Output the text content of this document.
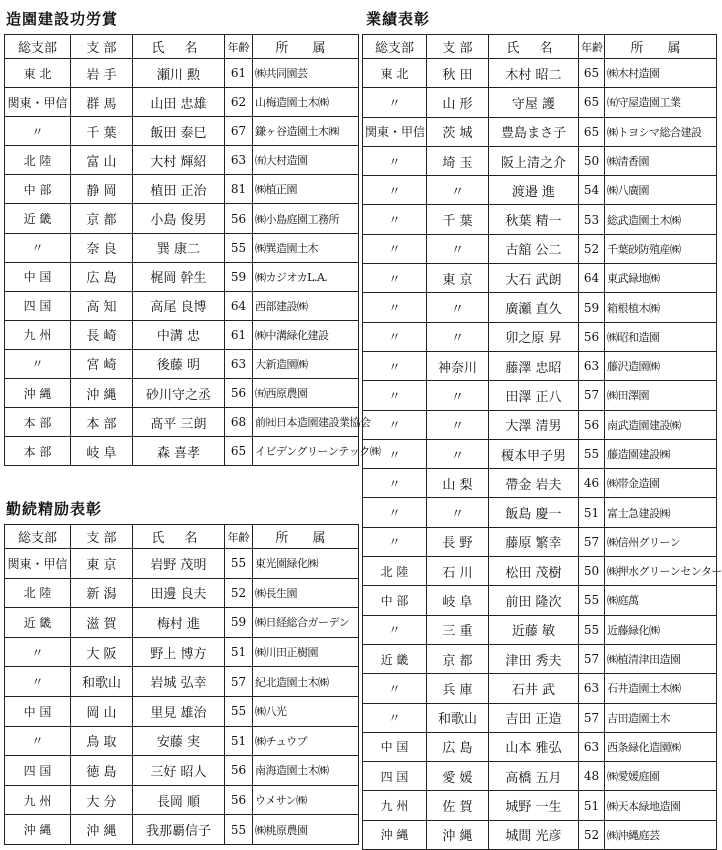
造園建設功労賞
総支部	支 部	氏 名	年齢	所 属
東 北	岩 手	瀬川 勲	61	㈱共同園芸
関東・甲信	群 馬	山田 忠雄	62	山梅造園土木㈱
〃	千 葉	飯田 泰巳	67	鎌ヶ谷造園土木㈱
北 陸	富 山	大村 輝紹	63	㈲大村造園
中 部	静 岡	植田 正治	81	㈱植正園
近 畿	京 都	小島 俊男	56	㈱小島庭園工務所
〃	奈 良	巽 康二	55	㈱巽造園土木
中 国	広 島	梶岡 幹生	59	㈱カジオカL.A.
四 国	高 知	高尾 良博	64	西部建設㈱
九 州	長 崎	中溝 忠	61	㈱中溝緑化建設
〃	宮 崎	後藤 明	63	大新造園㈱
沖 縄	沖 縄	砂川守之丞	56	㈲西原農園
本 部	本 部	髙平 三朗	68	前㈳日本造園建設業協会
本 部	岐 阜	森 喜孝	65	イビデングリーンテック㈱
勤続精励表彰
総支部	支 部	氏 名	年齢	所 属
関東・甲信	東 京	岩野 茂明	55	東光園緑化㈱
北 陸	新 潟	田邊 良夫	52	㈱長生園
近 畿	滋 賀	梅村 進	59	㈱日経総合ガーデン
〃	大 阪	野上 博方	51	㈱川田正樹園
〃	和歌山	岩城 弘幸	57	紀北造園土木㈱
中 国	岡 山	里見 雄治	55	㈱八光
〃	鳥 取	安藤 実	51	㈱チュウブ
四 国	徳 島	三好 昭人	56	南海造園土木㈱
九 州	大 分	長岡 順	56	ウメサン㈱
沖 縄	沖 縄	我那覇信子	55	㈱桃原農園
業績表彰
総支部	支 部	氏 名	年齢	所 属
東 北	秋 田	木村 昭二	65	㈱木村造園
〃	山 形	守屋 護	65	㈲守屋造園工業
関東・甲信	茨 城	豊島まさ子	65	㈱トヨシマ総合建設
〃	埼 玉	阪上清之介	50	㈱清香園
〃	〃	渡邉 進	54	㈱八廣園
〃	千 葉	秋葉 精一	53	総武造園土木㈱
〃	〃	古舘 公二	52	千葉砂防殖産㈱
〃	東 京	大石 武朗	64	東武緑地㈱
〃	〃	廣瀬 直久	59	箱根植木㈱
〃	〃	卯之原 昇	56	㈱昭和造園
〃	神奈川	藤澤 忠昭	63	藤沢造園㈱
〃	〃	田澤 正八	57	㈱田澤園
〃	〃	大澤 清男	56	南武造園建設㈱
〃	〃	榎本甲子男	55	藤造園建設㈱
〃	山 梨	帶金 岩夫	46	㈱帯金造園
〃	〃	飯島 慶一	51	富士急建設㈱
〃	長 野	藤原 繁幸	57	㈱信州グリーン
北 陸	石 川	松田 茂樹	50	㈱押水グリーンセンター
中 部	岐 阜	前田 隆次	55	㈱庭萬
〃	三 重	近藤 敏	55	近藤緑化㈱
近 畿	京 都	津田 秀夫	57	㈱植清津田造園
〃	兵 庫	石井 武	63	石井造園土木㈱
〃	和歌山	吉田 正造	57	吉田造園土木
中 国	広 島	山本 雅弘	63	西条緑化造園㈱
四 国	愛 媛	高橋 五月	48	㈱愛媛庭園
九 州	佐 賀	城野 一生	51	㈱天本緑地造園
沖 縄	沖 縄	城間 光彦	52	㈱沖縄庭芸
